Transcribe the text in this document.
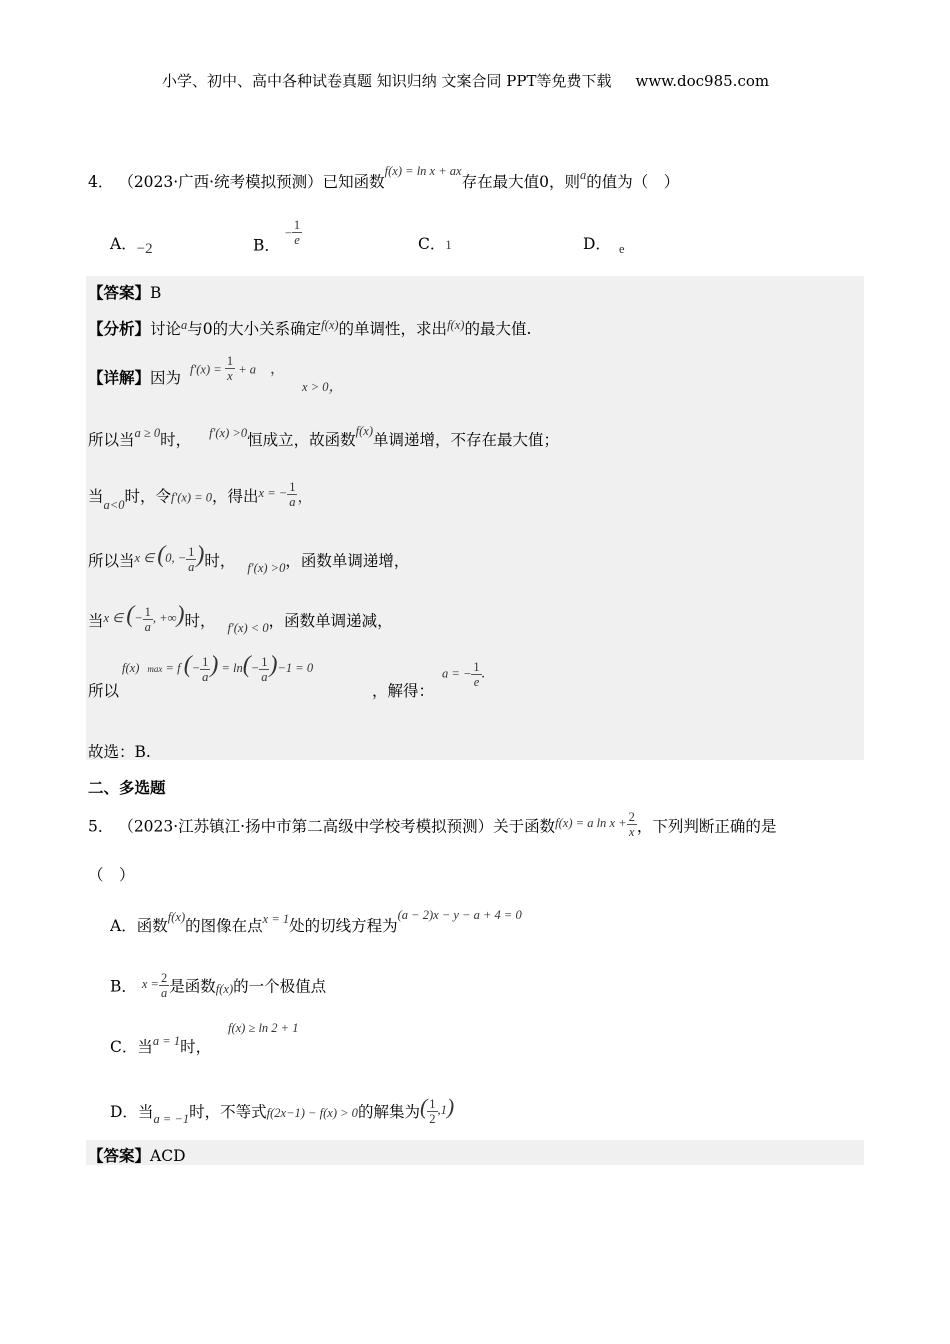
小学、初中、高中各种试卷真题 知识归纳 文案合同 PPT等免费下载 www.doc985.com
4． （2023·广西·统考模拟预测）已知函数$^{f(x) = ln x + ax}$存在最大值0，则$^a$的值为（　）
A．−2	B． − $\frac{1}{e}$	C．1	D． $_e$
【答案】B
【分析】讨论$^a$与0的大小关系确定$^{f(x)}$的单调性，求出$^{f(x)}$的最大值.
【详解】因为 $f'(x) = \frac{1}{x} + a$ ，
x > 0，
所以当$^{a \ge 0}$时， $^{f'(x) >0}$恒成立，故函数$^{f(x)}$单调递增，不存在最大值；
当$_{a<0}$时，令f′(x) = 0，得出$^{x = - \frac{1}{a}}$ ，
所以当$^{x \in (0, - \frac{1}{a} )}$时， $_{f'(x) >0}$，函数单调递增，
当$^{x \in (- \frac{1}{a} , +\infty)}$时， $_{f'(x) < 0}$，函数单调递减，
所以
f(x) max = f (− $\frac{1}{a}$ ) = $\ln(- \frac{1}{a} )-1 = 0$
，解得：
a = − $\frac{1}{e}$ .
故选：B.
二、多选题
5． （2023·江苏镇江·扬中市第二高级中学校考模拟预测）关于函数$^{f(x) = a ln x + \frac{2}{x}}$ ，下列判断正确的是
（　）
A．函数$^{f(x)}$的图像在点$^{x = 1}$处的切线方程为$^{(a - 2)x - y - a + 4 = 0}$
B． $x = \frac{2}{a}$ 是函数f(x)的一个极值点
C．当$^{a = 1}$时，
f(x) ≥ ln 2 + 1
D．当$_{a = -1}$时，不等式f(2x−1) − f(x) > 0的解集为( $\frac{1}{2} ,1$)
【答案】ACD
